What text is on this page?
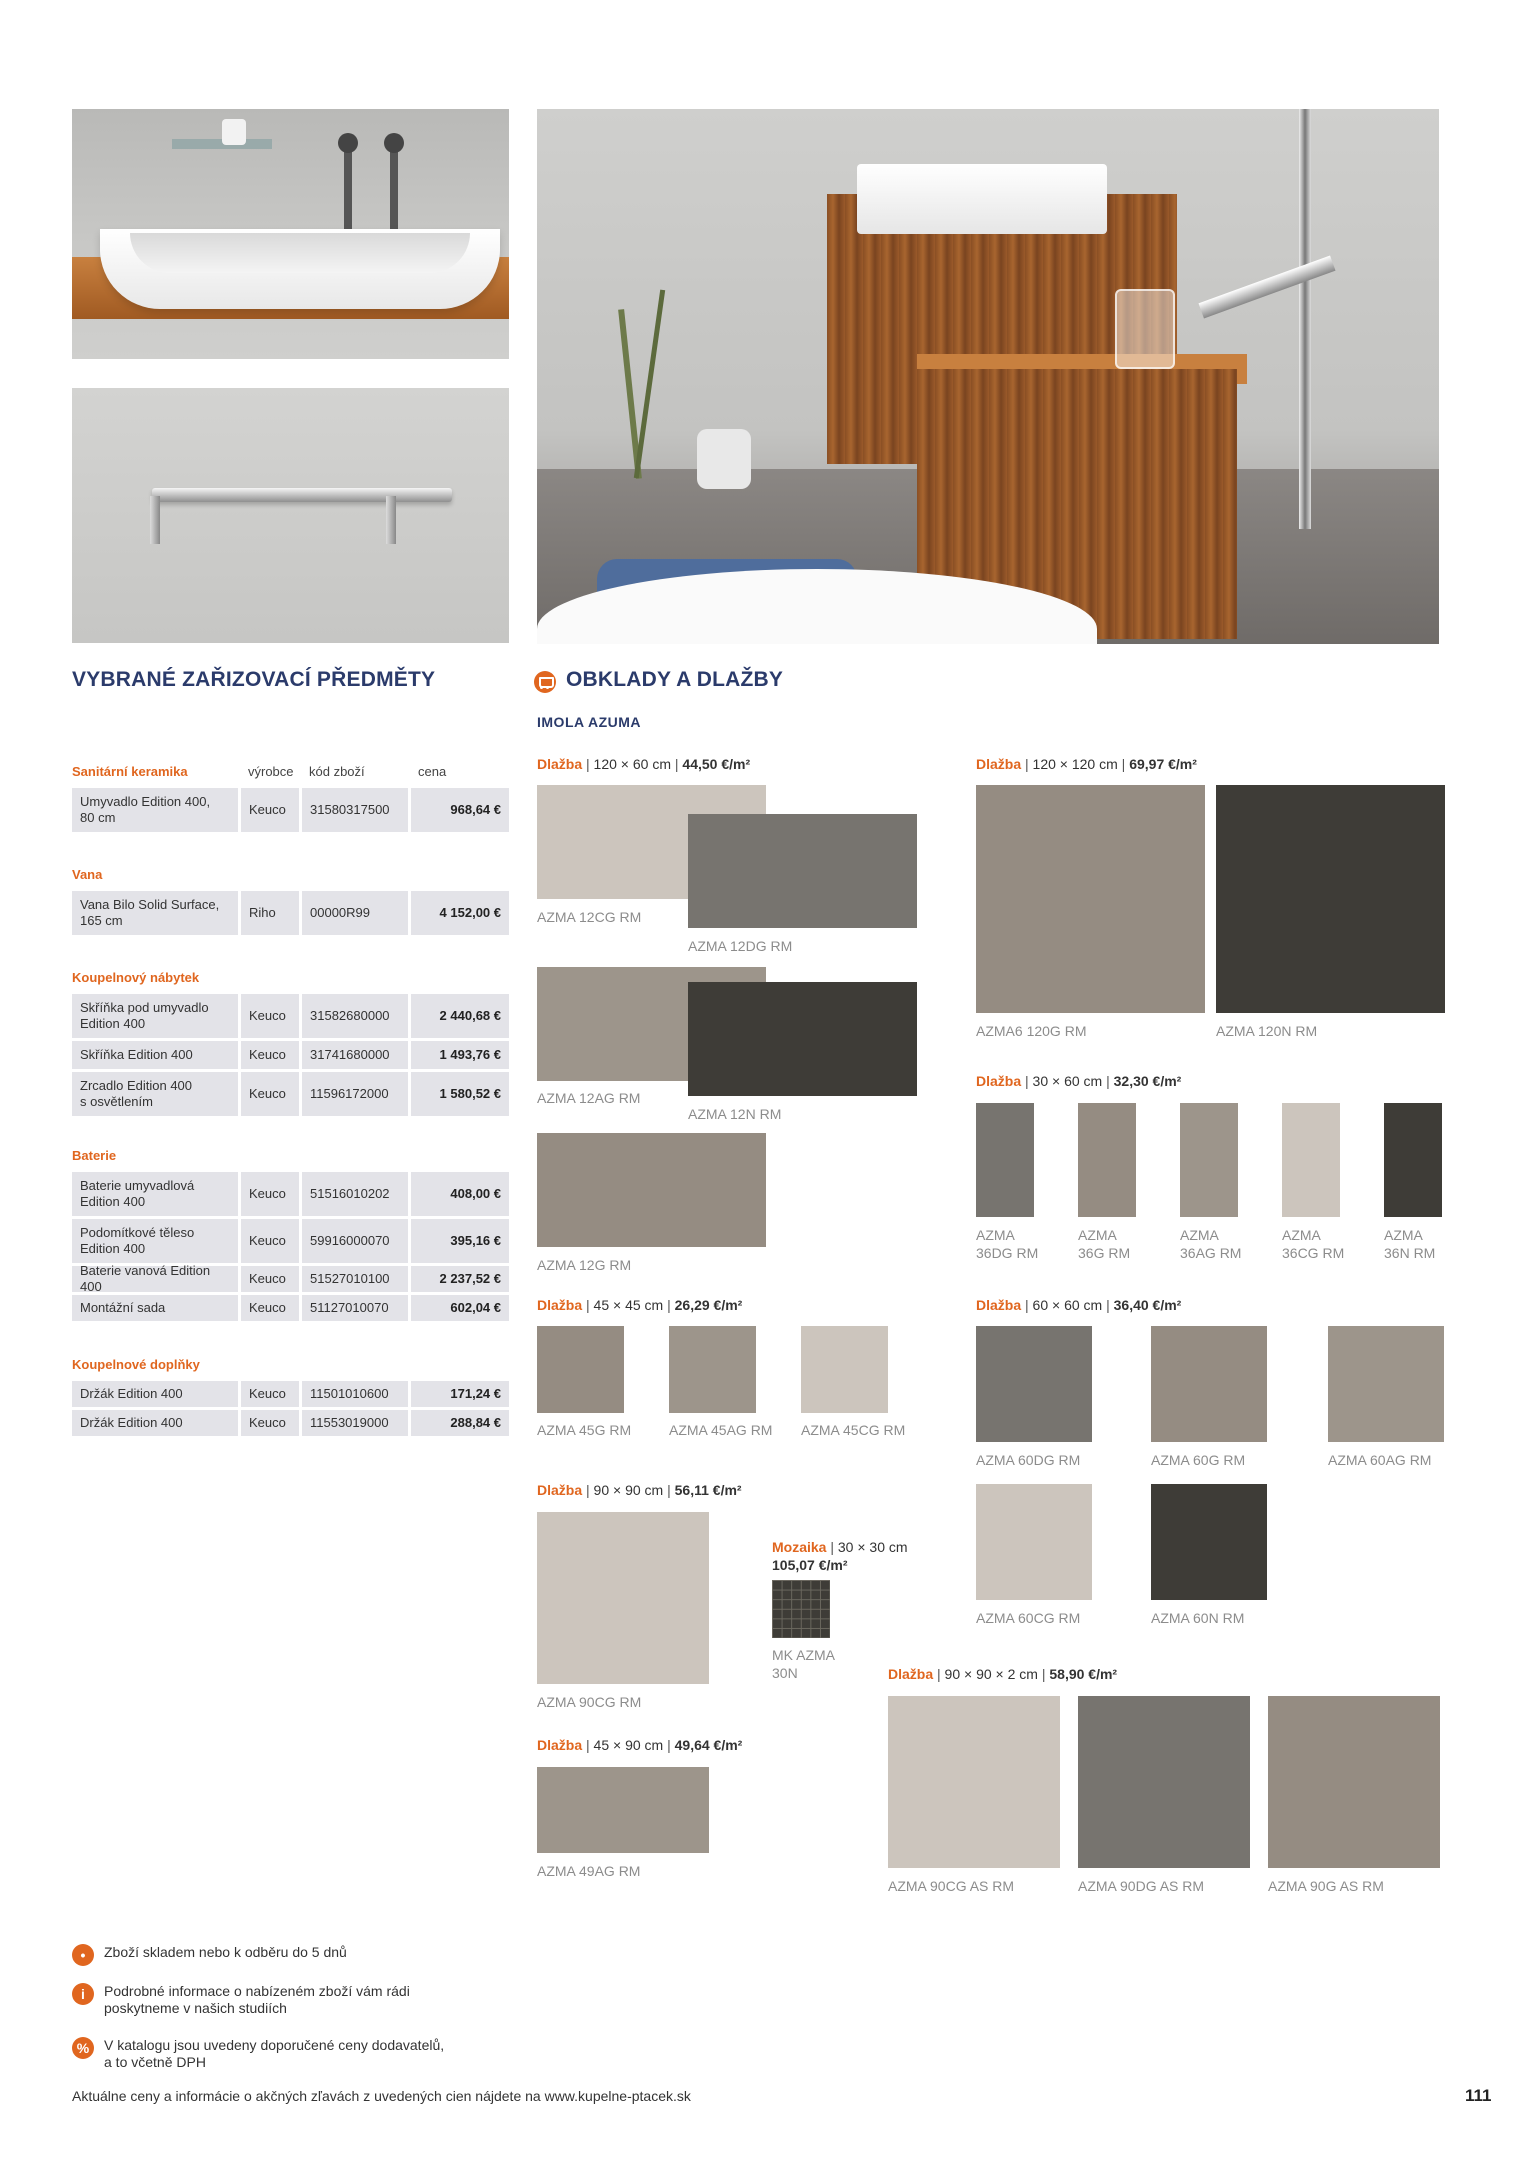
VYBRANÉ ZAŘIZOVACÍ PŘEDMĚTY	OBKLADY A DLAŽBY
IMOLA AZUMA
Sanitární keramika	výrobce kód zboží	cena
Umyvadlo Edition 400,
80 cm
Keuco	31580317500	968,64 €
Vana
Vana Bilo Solid Surface,
165 cm
Riho	00000R99	4 152,00 €
Koupelnový nábytek
Skříňka pod umyvadlo
Edition 400
Keuco	31582680000	2 440,68 €
Skříňka Edition 400	Keuco	31741680000	1 493,76 €
Zrcadlo Edition 400
s osvětlením
Keuco	11596172000	1 580,52 €
Baterie
Baterie umyvadlová
Edition 400
Keuco	51516010202	408,00 €
Podomítkové těleso
Edition 400
Keuco	59916000070	395,16 €
Baterie vanová Edition 400
Keuco	51527010100	2 237,52 €
Montážní sada	Keuco	51127010070	602,04 €
Koupelnové doplňky
Držák Edition 400	Keuco	11501010600	171,24 €
Držák Edition 400	Keuco	11553019000	288,84 €
Dlažba | 120 × 60 cm | 44,50 €/m²
AZMA 12CG RM
AZMA 12DG RM
AZMA 12AG RM
AZMA 12N RM
AZMA 12G RM
Dlažba | 120 × 120 cm | 69,97 €/m²
AZMA6 120G RM	AZMA 120N RM
Dlažba | 30 × 60 cm | 32,30 €/m²
AZMA
36DG RM
AZMA
36G RM
AZMA
36AG RM
AZMA
36CG RM
AZMA
36N RM
Dlažba | 45 × 45 cm | 26,29 €/m²
AZMA 45G RM	AZMA 45AG RM AZMA 45CG RM
Dlažba | 60 × 60 cm | 36,40 €/m²
AZMA 60DG RM	AZMA 60G RM	AZMA 60AG RM
AZMA 60CG RM	AZMA 60N RM
Dlažba | 90 × 90 cm | 56,11 €/m²
AZMA 90CG RM
Mozaika | 30 × 30 cm
105,07 €/m²
MK AZMA
30N	Dlažba | 90 × 90 × 2 cm | 58,90 €/m²
AZMA 90CG AS RM	AZMA 90DG AS RM	AZMA 90G AS RM
Dlažba | 45 × 90 cm | 49,64 €/m²
AZMA 49AG RM
•	Zboží skladem nebo k odběru do 5 dnů
i	Podrobné informace o nabízeném zboží vám rádi
poskytneme v našich studiích
%	V katalogu jsou uvedeny doporučené ceny dodavatelů,
a to včetně DPH
Aktuálne ceny a informácie o akčných zľavách z uvedených cien nájdete na www.kupelne-ptacek.sk	111
